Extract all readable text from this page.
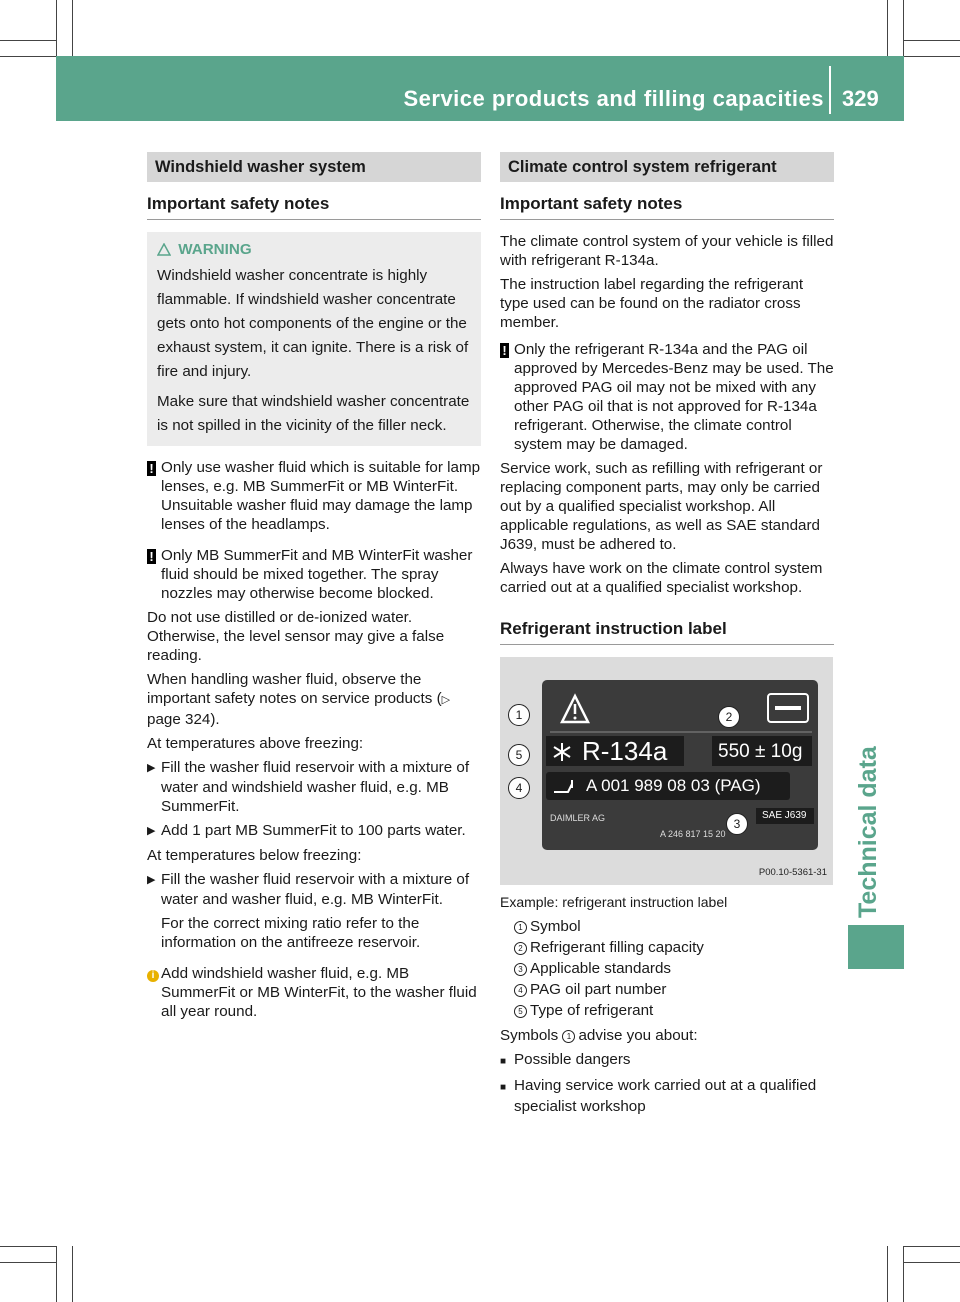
Service products and filling capacities 329
Technical data
Windshield washer system
Important safety notes
WARNING

Windshield washer concentrate is highly flammable. If windshield washer concentrate gets onto hot components of the engine or the exhaust system, it can ignite. There is a risk of fire and injury.

Make sure that windshield washer concentrate is not spilled in the vicinity of the filler neck.

! Only use washer fluid which is suitable for lamp lenses, e.g. MB SummerFit or MB WinterFit. Unsuitable washer fluid may damage the lamp lenses of the headlamps.
! Only MB SummerFit and MB WinterFit washer fluid should be mixed together. The spray nozzles may otherwise become blocked.

Do not use distilled or de-ionized water. Otherwise, the level sensor may give a false reading.

When handling washer fluid, observe the important safety notes on service products (▷ page 324).

At temperatures above freezing:

▶ Fill the washer fluid reservoir with a mixture of water and windshield washer fluid, e.g. MB SummerFit.
▶ Add 1 part MB SummerFit to 100 parts water.

At temperatures below freezing:

▶ Fill the washer fluid reservoir with a mixture of water and washer fluid, e.g. MB WinterFit.
For the correct mixing ratio refer to the information on the antifreeze reservoir.
i Add windshield washer fluid, e.g. MB SummerFit or MB WinterFit, to the washer fluid all year round.
Climate control system refrigerant
Important safety notes

The climate control system of your vehicle is filled with refrigerant R-134a.

The instruction label regarding the refrigerant type used can be found on the radiator cross member.

! Only the refrigerant R-134a and the PAG oil approved by Mercedes-Benz may be used. The approved PAG oil may not be mixed with any other PAG oil that is not approved for R-134a refrigerant. Otherwise, the climate control system may be damaged.

Service work, such as refilling with refrigerant or replacing component parts, may only be carried out by a qualified specialist workshop. All applicable regulations, as well as SAE standard J639, must be adhered to.

Always have work on the climate control system carried out at a qualified specialist workshop.

Refrigerant instruction label
R-134a	550 ± 10g
A 001 989 08 03 (PAG)
SAE J639
DAIMLER AG
A 246 817 15 20
1
5
4
2
3
P00.10-5361-31

Example: refrigerant instruction label

1 Symbol
2 Refrigerant filling capacity
3 Applicable standards
4 PAG oil part number
5 Type of refrigerant

Symbols 1 advise you about:

■ Possible dangers
■ Having service work carried out at a qualified specialist workshop
